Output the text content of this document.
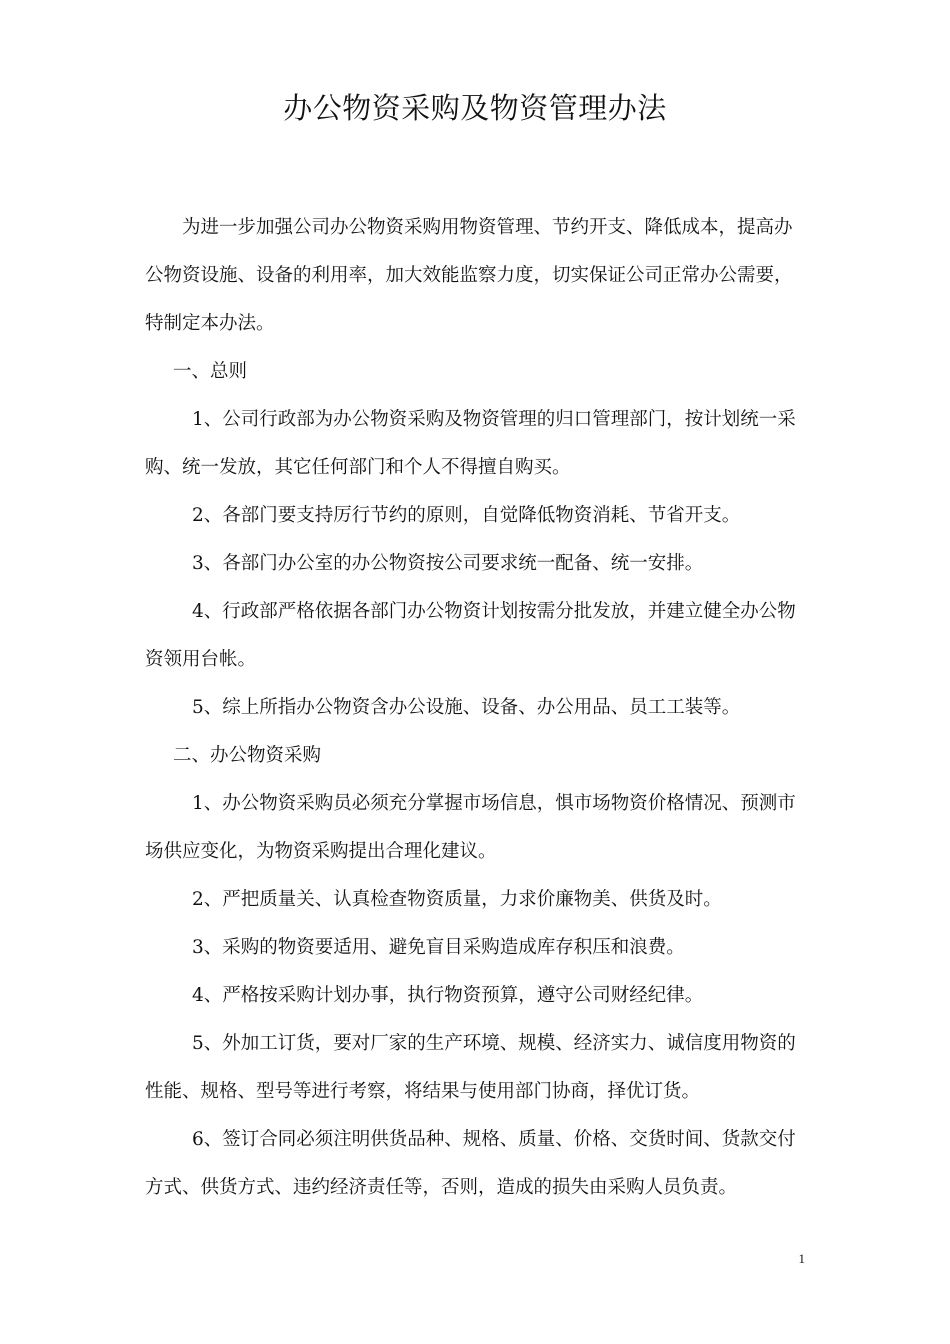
办公物资采购及物资管理办法
为进一步加强公司办公物资采购用物资管理、节约开支、降低成本，提高办
公物资设施、设备的利用率，加大效能监察力度，切实保证公司正常办公需要，
特制定本办法。
一、总则
1、公司行政部为办公物资采购及物资管理的归口管理部门，按计划统一采
购、统一发放，其它任何部门和个人不得擅自购买。
2、各部门要支持厉行节约的原则，自觉降低物资消耗、节省开支。
3、各部门办公室的办公物资按公司要求统一配备、统一安排。
4、行政部严格依据各部门办公物资计划按需分批发放，并建立健全办公物
资领用台帐。
5、综上所指办公物资含办公设施、设备、办公用品、员工工装等。
二、办公物资采购
1、办公物资采购员必须充分掌握市场信息，惧市场物资价格情况、预测市
场供应变化，为物资采购提出合理化建议。
2、严把质量关、认真检查物资质量，力求价廉物美、供货及时。
3、采购的物资要适用、避免盲目采购造成库存积压和浪费。
4、严格按采购计划办事，执行物资预算，遵守公司财经纪律。
5、外加工订货，要对厂家的生产环境、规模、经济实力、诚信度用物资的
性能、规格、型号等进行考察，将结果与使用部门协商，择优订货。
6、签订合同必须注明供货品种、规格、质量、价格、交货时间、货款交付
方式、供货方式、违约经济责任等，否则，造成的损失由采购人员负责。
1
